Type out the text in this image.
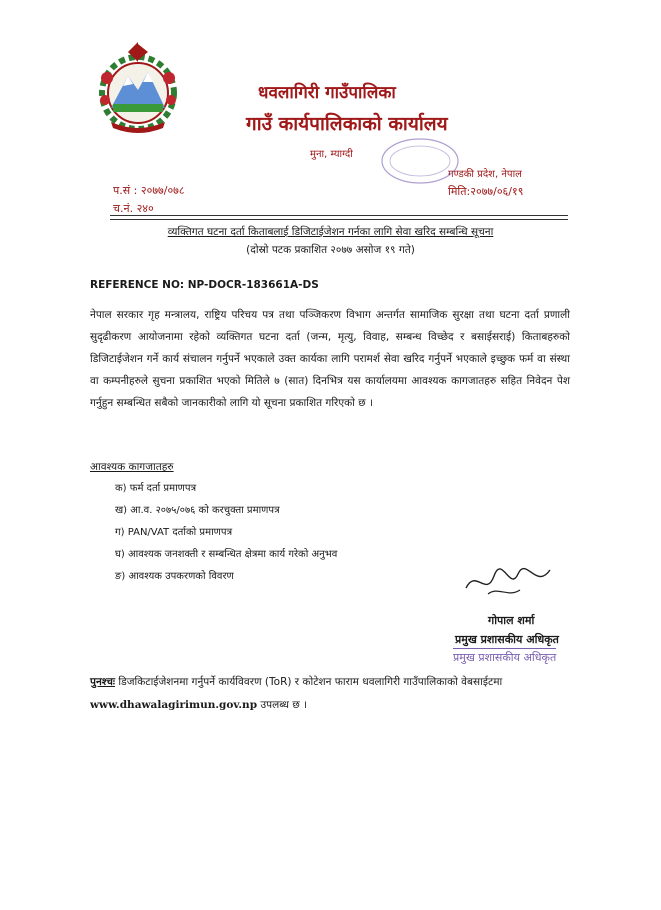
धवलागिरी गाउँपालिका
गाउँ कार्यपालिकाको कार्यालय
मुना, म्याग्दी
गण्डकी प्रदेश, नेपाल
प.सं : २०७७/०७८
च.नं. २४०
मिति:२०७७/०६/१९
व्यक्तिगत घटना दर्ता किताबलाई डिजिटाईजेशन गर्नका लागि सेवा खरिद सम्बन्धि सूचना
(दोस्रो पटक प्रकाशित २०७७ असोज १९ गते)
REFERENCE NO: NP-DOCR-183661A-DS
नेपाल सरकार गृह मन्त्रालय, राष्ट्रिय परिचय पत्र तथा पञ्जिकरण विभाग अन्तर्गत सामाजिक सुरक्षा तथा घटना दर्ता प्रणाली सुदृढीकरण आयोजनामा रहेको व्यक्तिगत घटना दर्ता (जन्म, मृत्यु, विवाह, सम्बन्ध विच्छेद र बसाईसराई) किताबहरुको डिजिटाईजेशन गर्ने कार्य संचालन गर्नुपर्ने भएकाले उक्त कार्यका लागि परामर्श सेवा खरिद गर्नुपर्ने भएकाले इच्छुक फर्म वा संस्था वा कम्पनीहरुले सुचना प्रकाशित भएको मितिले ७ (सात) दिनभित्र यस कार्यालयमा आवश्यक कागजातहरु सहित निवेदन पेश गर्नुहुन सम्बन्धित सबैको जानकारीको लागि यो सूचना प्रकाशित गरिएको छ ।
आवश्यक कागजातहरु
क) फर्म दर्ता प्रमाणपत्र
ख) आ.व. २०७५/०७६ को करचुक्ता प्रमाणपत्र
ग) PAN/VAT दर्ताको प्रमाणपत्र
घ) आवश्यक जनशक्ती र सम्बन्धित क्षेत्रमा कार्य गरेको अनुभव
ङ) आवश्यक उपकरणको विवरण
गोपाल शर्मा
प्रमुख प्रशासकीय अधिकृत
प्रमुख प्रशासकीय अधिकृत
पुनश्चः डिजकिटाईजेशनमा गर्नुपर्ने कार्यविवरण (ToR) र कोटेशन फाराम धवलागिरी गाउँपालिकाको वेबसाईटमा www.dhawalagirimun.gov.np उपलब्ध छ ।
